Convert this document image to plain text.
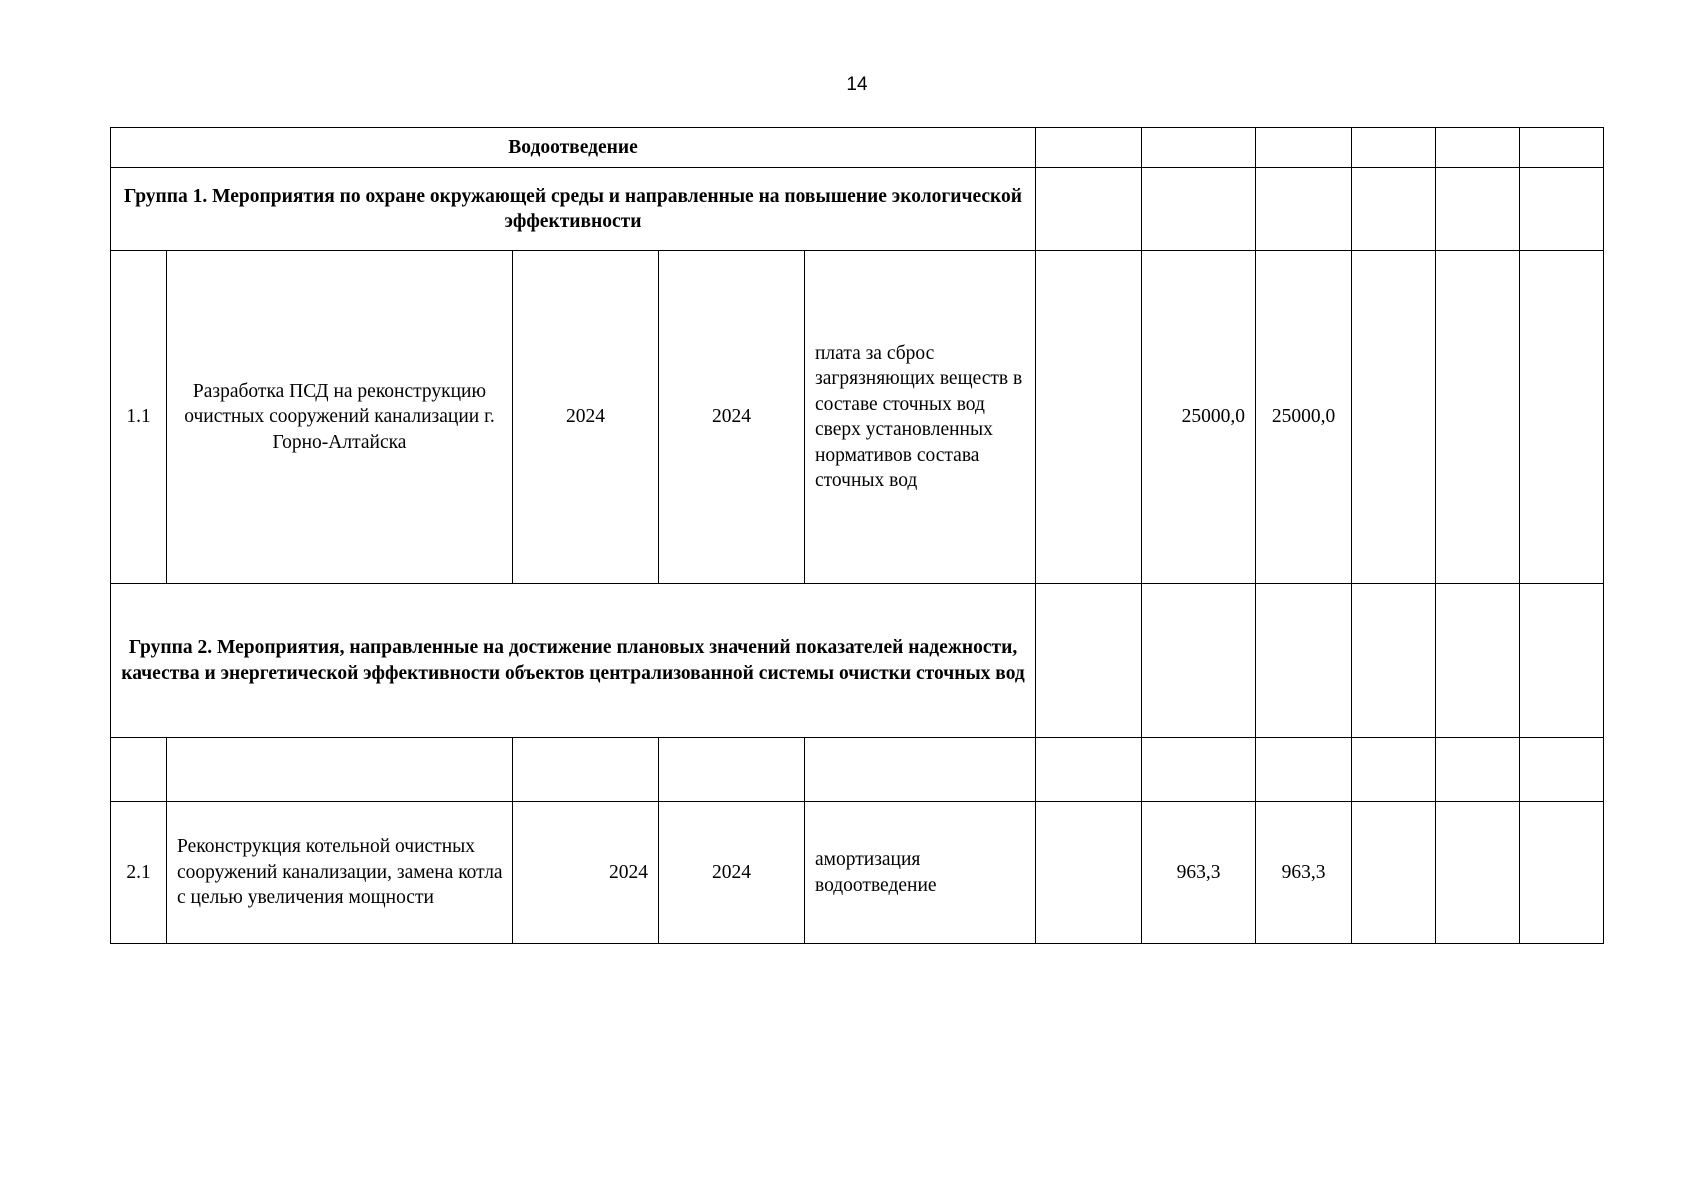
14
Водоотведение										
Группа 1. Мероприятия по охране окружающей среды и направленные на повышение экологической эффективности										
1.1	Разработка ПСД на реконструкцию очистных сооружений канализации г. Горно-Алтайска	2024	2024	плата за сброс загрязняющих веществ в составе сточных вод сверх установленных нормативов состава сточных вод		25000,0	25000,0			
Группа 2. Мероприятия, направленные на достижение плановых значений показателей надежности, качества и энергетической эффективности объектов централизованной системы очистки сточных вод										

2.1	Реконструкция котельной очистных сооружений канализации, замена котла с целью увеличения мощности	2024	2024	амортизация водоотведение		963,3	963,3			
